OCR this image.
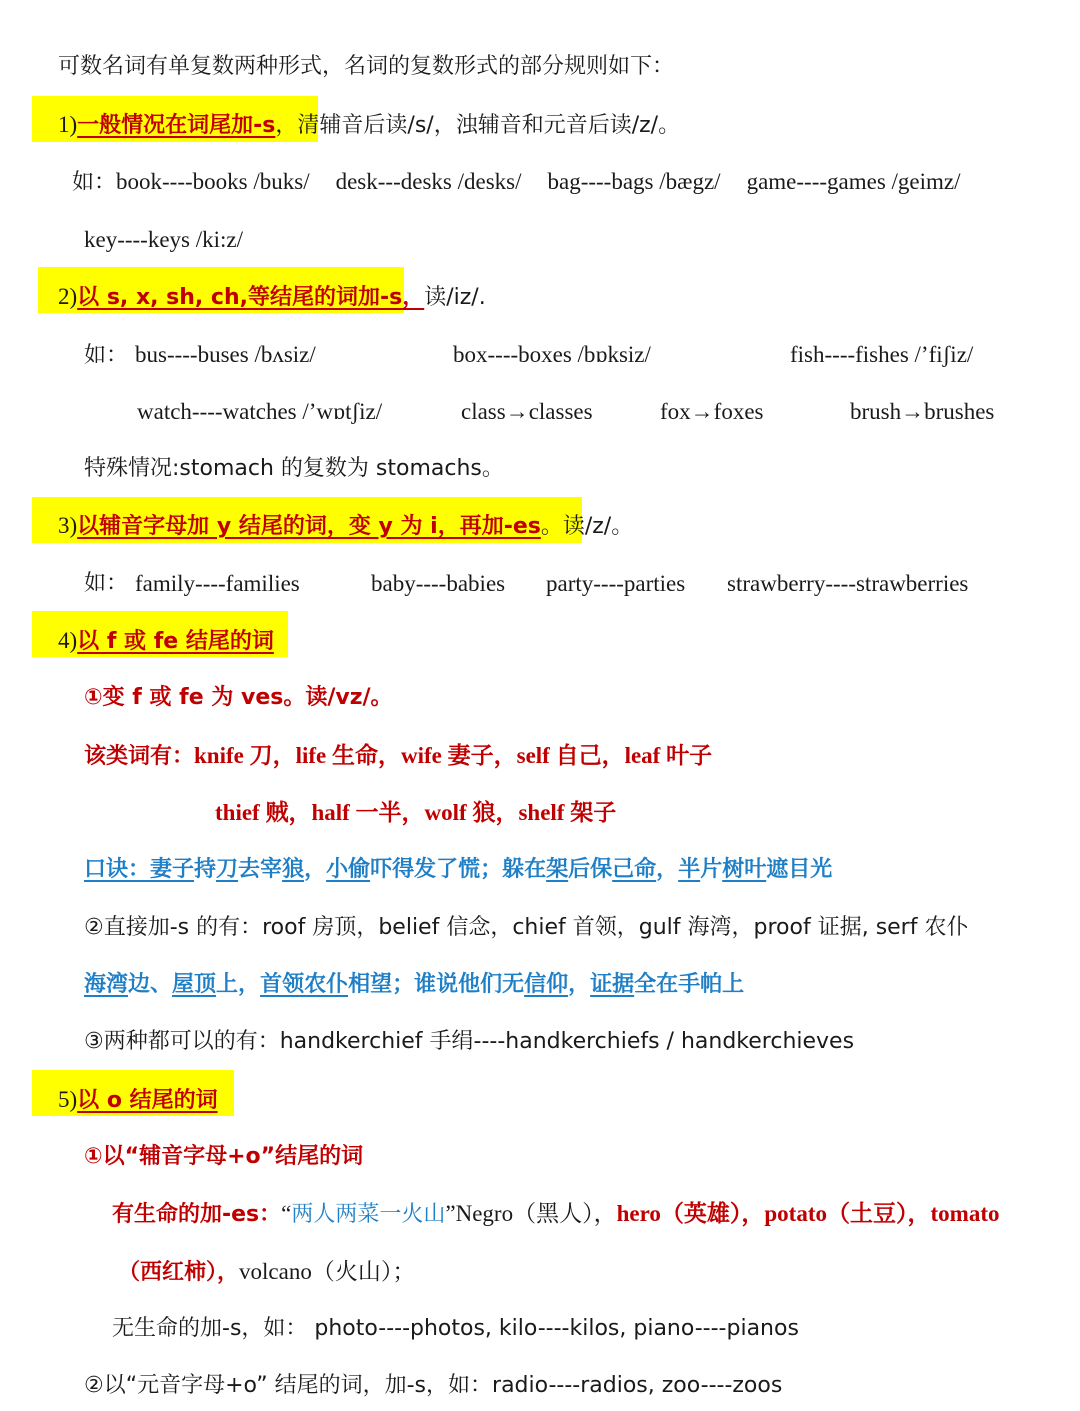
可数名词有单复数两种形式，名词的复数形式的部分规则如下：
1)一般情况在词尾加-s，清辅音后读/s/，浊辅音和元音后读/z/。
如：book----books /buks/ desk---desks /desks/ bag----bags /bægz/ game----games /geimz/
key----keys /ki:z/
2)以 s, x, sh, ch,等结尾的词加-s，读/iz/.
如： bus----buses /bʌsiz/	box----boxes /bɒksiz/	fish----fishes /’fiʃiz/
watch----watches /’wɒtʃiz/	class→classes	fox→foxes	brush→brushes
特殊情况:stomach 的复数为 stomachs。
3)以辅音字母加 y 结尾的词，变 y 为 i，再加-es。读/z/。
如： family----families	baby----babies party----parties strawberry----strawberries
4)以 f 或 fe 结尾的词
①变 f 或 fe 为 ves。读/vz/。
该类词有：knife 刀，life 生命，wife 妻子，self 自己，leaf 叶子
thief 贼，half 一半，wolf 狼，shelf 架子
口诀：妻子持刀去宰狼，小偷吓得发了慌；躲在架后保己命，半片树叶遮目光
②直接加-s 的有：roof 房顶，belief 信念，chief 首领，gulf 海湾，proof 证据, serf 农仆
海湾边、屋顶上，首领农仆相望；谁说他们无信仰，证据全在手帕上
③两种都可以的有：handkerchief 手绢----handkerchiefs / handkerchieves
5)以 o 结尾的词
①以“辅音字母+o”结尾的词
有生命的加-es：“两人两菜一火山”Negro（黑人），hero（英雄），potato（土豆），tomato
（西红柿），volcano（火山）；
无生命的加-s，如： photo----photos, kilo----kilos, piano----pianos
②以“元音字母+o” 结尾的词，加-s，如：radio----radios, zoo----zoos
